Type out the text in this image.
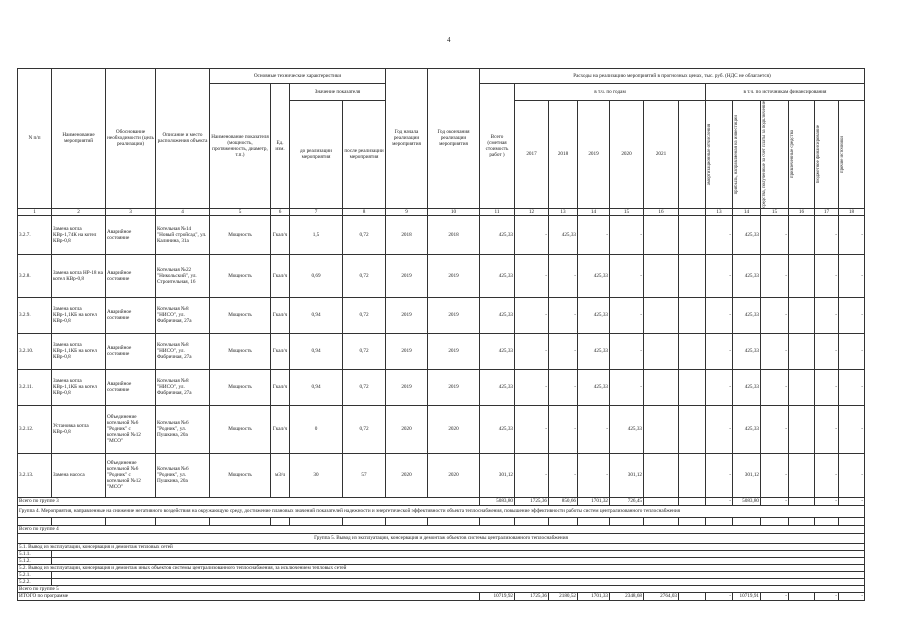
4
N п/п	Наименование мероприятий	Обоснование необходимости (цель реализации)	Описание и место расположения объекта	Основные технические характеристики				Год начала реализации мероприятия	Год окончания реализации мероприятия	Расходы на реализацию мероприятий в прогнозных ценах, тыс. руб. (НДС не облагается)												
				Наименование показателя (мощность, протяженность, диаметр, т.п.)	Ед. изм.	Значение показателя				Всего (сметная стоимость работ )	в т.ч. по годам						в т.ч. по источникам финансирования					
						до реализации мероприятия	после реализации мероприятия				2017	2018	2019	2020	2021		амортизационные отчисления	прибыль, направляемая на инвестиции	средства, полученные за счет платы за подключение	привлеченные средства	бюджетное финансирование	прочие источники

1	2	3	4	5	6	7	8	9	10	11	12	13	14	15	16		13	14	15	16	17	18
3.2.7.	Замена котла КВр-1,74К на котел КВр-0,8	Аварийное состояние	Котельная №14 "Новый стройсад", ул. Калинина, 31а	Мощность	Гкал/ч	1,5	0,72	2018	2018	425,33	-	425,33	-	-			-	425,33	-		-	-
3.2.8.	Замена котла НР-18 на котел КВр-0,8	Аварийное состояние	Котельная №22 "Никольский", ул. Строительная, 16	Мощность	Гкал/ч	0,69	0,72	2019	2019	425,33	-	-	425,33	-			-	425,33	-		-	-
3.2.9.	Замена котла КВр-1,1КБ на котел КВр-0,8	Аварийное состояние	Котельная №8 "НИСО", ул. Фабричная, 27а	Мощность	Гкал/ч	0,94	0,72	2019	2019	425,33	-	-	425,33	-			-	425,33	-		-	-
3.2.10.	Замена котла КВр-1,1КБ на котел КВр-0,8	Аварийное состояние	Котельная №8 "НИСО", ул. Фабричная, 27а	Мощность	Гкал/ч	0,94	0,72	2019	2019	425,33	-	-	425,33	-			-	425,33	-		-	-
3.2.11.	Замена котла КВр-1,1КБ на котел КВр-0,8	Аварийное состояние	Котельная №8 "НИСО", ул. Фабричная, 27а	Мощность	Гкал/ч	0,94	0,72	2019	2019	425,33	-	-	425,33	-			-	425,33	-		-	-
3.2.12.	Установка котла КВр-0,8	Объединение котельной №6 "Родник" с котельной №12 "МСО"	Котельная №6 "Родник", ул. Пушкина, 20а	Мощность	Гкал/ч	0	0,72	2020	2020	425,33	-	-	-	425,33			-	425,33	-		-	-
3.2.13.	Замена насоса	Объединение котельной №6 "Родник" с котельной №12 "МСО"	Котельная №6 "Родник", ул. Пушкина, 20а	Мощность	м3/ч	30	57	2020	2020	301,12	-	-	-	301,12			-	301,12	-		-	-
Всего по группе 3										5083,80	1725,36	850,66	1701,32	726,45			-	5083,80	-		-	-
Группа 4. Мероприятия, направленные на снижение негативного воздействия на окружающую среду, достижение плановых значений показателей надежности и энергетической эффективности объекта теплоснабжения, повышение эффективности работы систем централизованного теплоснабжения																						

Всего по группе 4																						
Группа 5. Вывод из эксплуатации, консервация и демонтаж объектов системы централизованного теплоснабжения																						
5.1. Вывод из эксплуатации, консервация и демонтаж тепловых сетей																						
5.1.1.																						
5.1.2.																						
5.2. Вывод из эксплуатации, консервация и демонтаж иных объектов системы централизованного теплоснабжения, за исключением тепловых сетей																						
5.2.1.																						
5.2.2.																						
Всего по группе 5																						
ИТОГО по программе										10719,92	1725,36	2180,52	1701,33	2348,68	2764,03		-	10719,91	-		-	-
